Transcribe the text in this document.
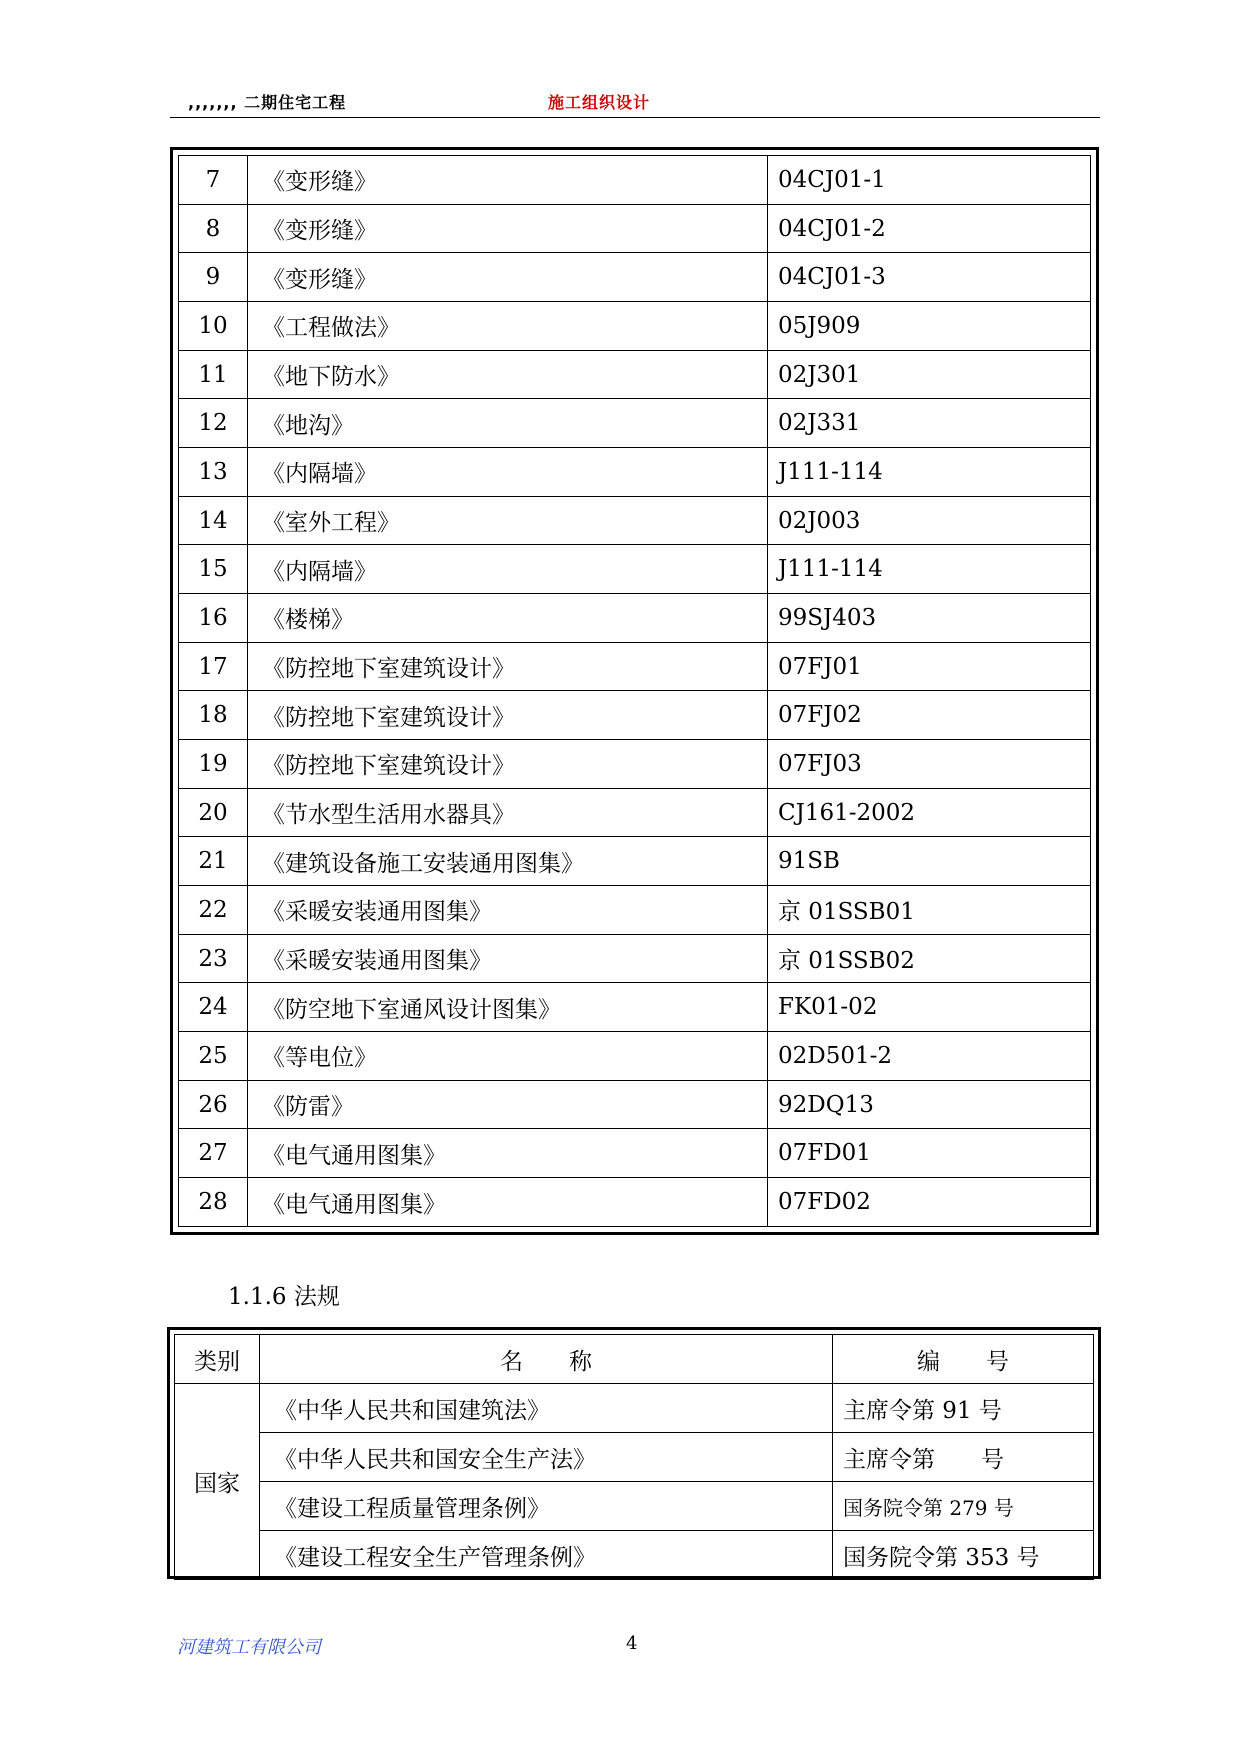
,,,,,,, 二期住宅工程	施工组织设计
7	《变形缝》	04CJ01-1
8	《变形缝》	04CJ01-2
9	《变形缝》	04CJ01-3
10	《工程做法》	05J909
11	《地下防水》	02J301
12	《地沟》	02J331
13	《内隔墙》	J111-114
14	《室外工程》	02J003
15	《内隔墙》	J111-114
16	《楼梯》	99SJ403
17	《防控地下室建筑设计》	07FJ01
18	《防控地下室建筑设计》	07FJ02
19	《防控地下室建筑设计》	07FJ03
20	《节水型生活用水器具》	CJ161-2002
21	《建筑设备施工安装通用图集》	91SB
22	《采暖安装通用图集》	京 01SSB01
23	《采暖安装通用图集》	京 01SSB02
24	《防空地下室通风设计图集》	FK01-02
25	《等电位》	02D501-2
26	《防雷》	92DQ13
27	《电气通用图集》	07FD01
28	《电气通用图集》	07FD02
1.1.6 法规
类别	名　　称	编　　号
国家	《中华人民共和国建筑法》	主席令第 91 号
	《中华人民共和国安全生产法》	主席令第　　号
	《建设工程质量管理条例》	国务院令第 279 号
	《建设工程安全生产管理条例》	国务院令第 353 号
河建筑工有限公司	4
